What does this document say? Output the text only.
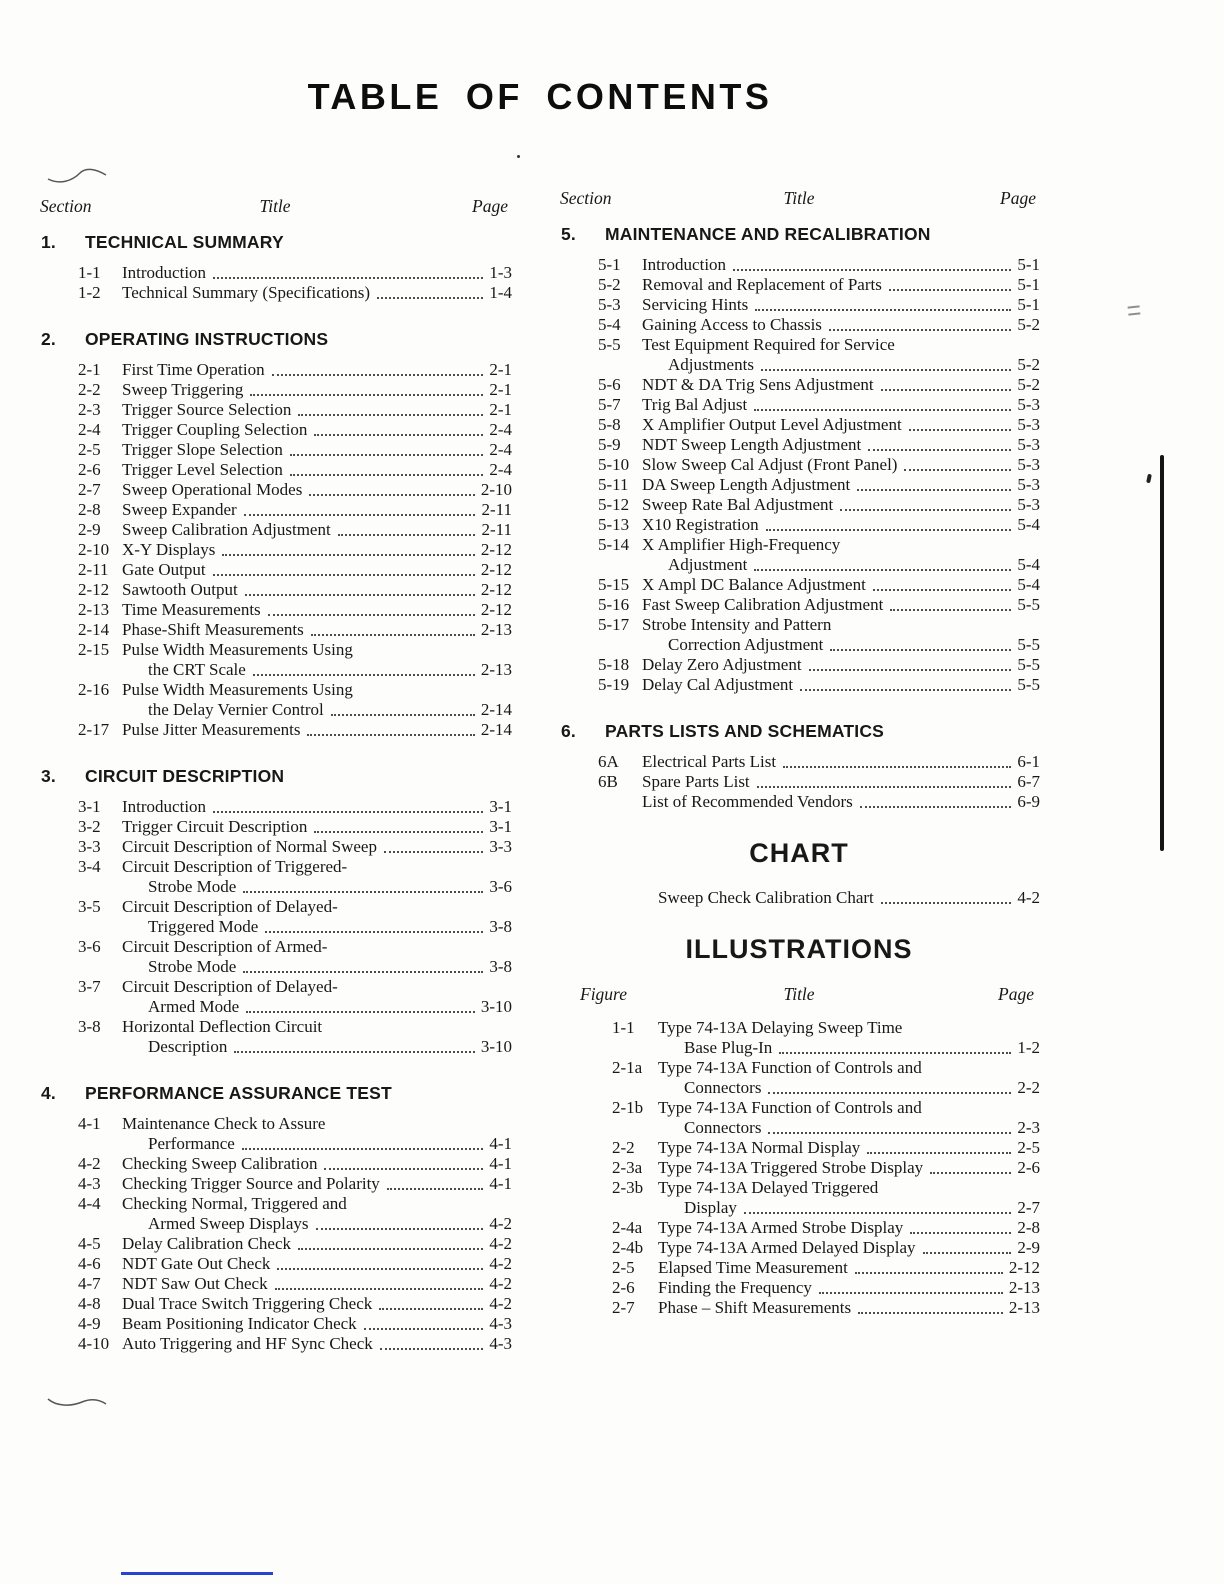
TABLE OF CONTENTS
Section	Title	Page
1.	TECHNICAL SUMMARY
1-1	Introduction	1-3
1-2	Technical Summary (Specifications)	1-4
2.	OPERATING INSTRUCTIONS
2-1	First Time Operation	2-1
2-2	Sweep Triggering	2-1
2-3	Trigger Source Selection	2-1
2-4	Trigger Coupling Selection	2-4
2-5	Trigger Slope Selection	2-4
2-6	Trigger Level Selection	2-4
2-7	Sweep Operational Modes	2-10
2-8	Sweep Expander	2-11
2-9	Sweep Calibration Adjustment	2-11
2-10 X-Y Displays	2-12
2-11 Gate Output	2-12
2-12 Sawtooth Output	2-12
2-13 Time Measurements	2-12
2-14 Phase-Shift Measurements	2-13
2-15 Pulse Width Measurements Using
the CRT Scale	2-13
2-16 Pulse Width Measurements Using
the Delay Vernier Control	2-14
2-17 Pulse Jitter Measurements	2-14
3.	CIRCUIT DESCRIPTION
3-1	Introduction	3-1
3-2	Trigger Circuit Description	3-1
3-3	Circuit Description of Normal Sweep	3-3
3-4	Circuit Description of Triggered-
Strobe Mode	3-6
3-5	Circuit Description of Delayed-
Triggered Mode	3-8
3-6	Circuit Description of Armed-
Strobe Mode	3-8
3-7	Circuit Description of Delayed-
Armed Mode	3-10
3-8	Horizontal Deflection Circuit
Description	3-10
4.	PERFORMANCE ASSURANCE TEST
4-1	Maintenance Check to Assure
Performance	4-1
4-2	Checking Sweep Calibration	4-1
4-3	Checking Trigger Source and Polarity	4-1
4-4	Checking Normal, Triggered and
Armed Sweep Displays	4-2
4-5	Delay Calibration Check	4-2
4-6	NDT Gate Out Check	4-2
4-7	NDT Saw Out Check	4-2
4-8	Dual Trace Switch Triggering Check	4-2
4-9	Beam Positioning Indicator Check	4-3
4-10 Auto Triggering and HF Sync Check	4-3
Section	Title	Page
5.	MAINTENANCE AND RECALIBRATION
5-1	Introduction	5-1
5-2	Removal and Replacement of Parts	5-1
5-3	Servicing Hints	5-1
5-4	Gaining Access to Chassis	5-2
5-5	Test Equipment Required for Service
Adjustments	5-2
5-6	NDT & DA Trig Sens Adjustment	5-2
5-7	Trig Bal Adjust	5-3
5-8	X Amplifier Output Level Adjustment	5-3
5-9	NDT Sweep Length Adjustment	5-3
5-10 Slow Sweep Cal Adjust (Front Panel)	5-3
5-11 DA Sweep Length Adjustment	5-3
5-12 Sweep Rate Bal Adjustment	5-3
5-13 X10 Registration	5-4
5-14 X Amplifier High-Frequency
Adjustment	5-4
5-15 X Ampl DC Balance Adjustment	5-4
5-16 Fast Sweep Calibration Adjustment	5-5
5-17 Strobe Intensity and Pattern
Correction Adjustment	5-5
5-18 Delay Zero Adjustment	5-5
5-19 Delay Cal Adjustment	5-5
6.	PARTS LISTS AND SCHEMATICS
6A	Electrical Parts List	6-1
6B	Spare Parts List	6-7
List of Recommended Vendors	6-9
CHART
Sweep Check Calibration Chart	4-2
ILLUSTRATIONS
Figure	Title	Page
1-1	Type 74-13A Delaying Sweep Time
Base Plug-In	1-2
2-1a Type 74-13A Function of Controls and
Connectors	2-2
2-1b Type 74-13A Function of Controls and
Connectors	2-3
2-2	Type 74-13A Normal Display	2-5
2-3a Type 74-13A Triggered Strobe Display	2-6
2-3b Type 74-13A Delayed Triggered
Display	2-7
2-4a Type 74-13A Armed Strobe Display	2-8
2-4b Type 74-13A Armed Delayed Display	2-9
2-5	Elapsed Time Measurement	2-12
2-6	Finding the Frequency	2-13
2-7	Phase – Shift Measurements	2-13
